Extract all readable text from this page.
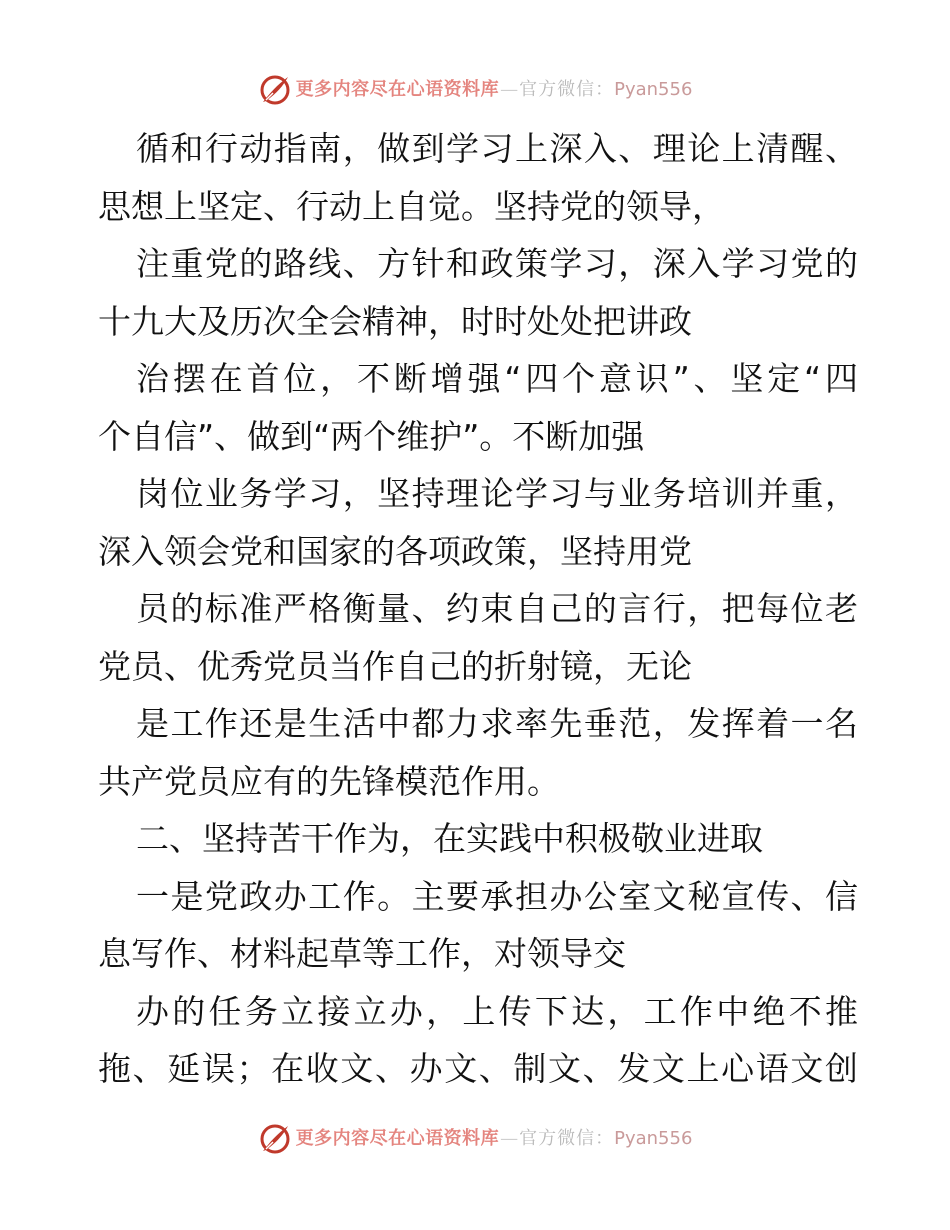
更多内容尽在心语资料库 — 官方微信： Pyan556
循和行动指南，做到学习上深入、理论上清醒、
思想上坚定、行动上自觉。坚持党的领导，
注重党的路线、方针和政策学习，深入学习党的
十九大及历次全会精神，时时处处把讲政
治摆在首位，不断增强“四个意识”、坚定“四
个自信”、做到“两个维护”。不断加强
岗位业务学习，坚持理论学习与业务培训并重，
深入领会党和国家的各项政策，坚持用党
员的标准严格衡量、约束自己的言行，把每位老
党员、优秀党员当作自己的折射镜，无论
是工作还是生活中都力求率先垂范，发挥着一名
共产党员应有的先锋模范作用。
二、坚持苦干作为，在实践中积极敬业进取
一是党政办工作。主要承担办公室文秘宣传、信
息写作、材料起草等工作，对领导交
办的任务立接立办，上传下达，工作中绝不推
拖、延误；在收文、办文、制文、发文上心语文创
更多内容尽在心语资料库 — 官方微信： Pyan556
